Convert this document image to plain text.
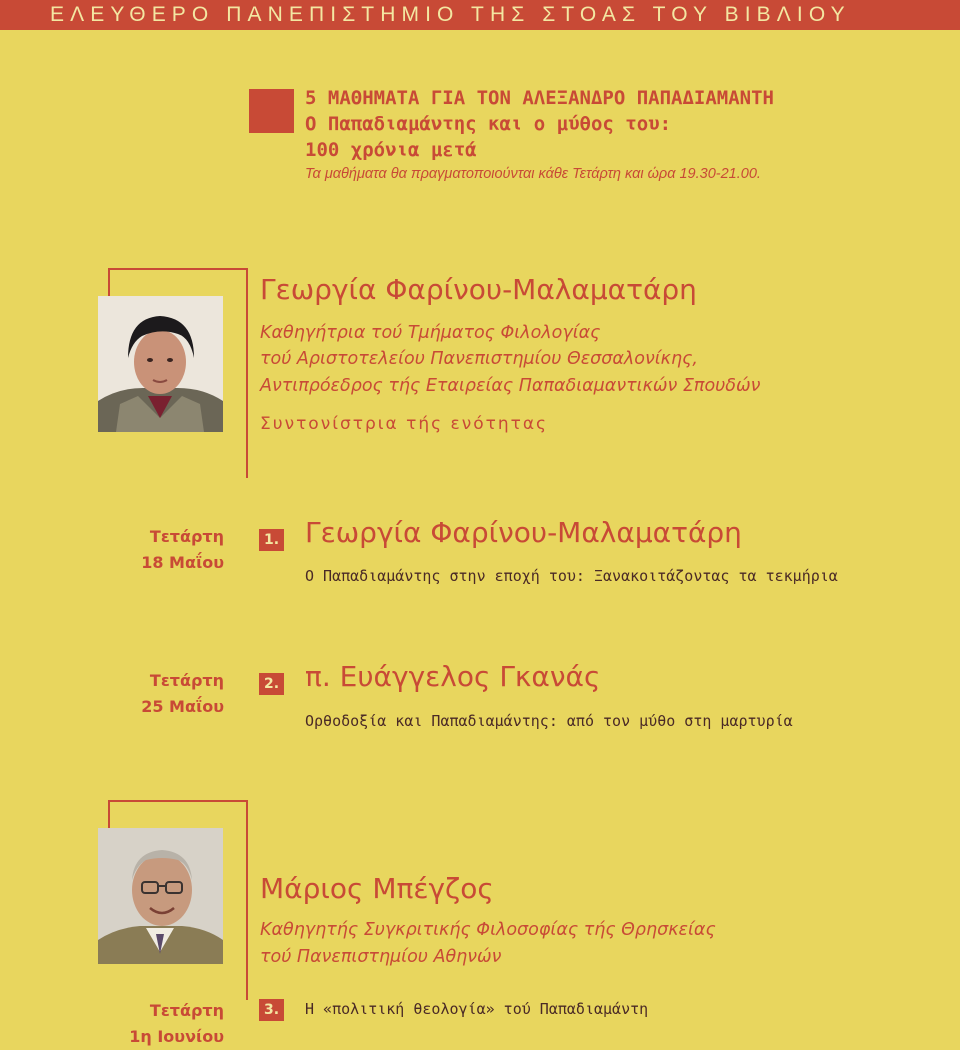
ΕΛΕΥΘΕΡΟ ΠΑΝΕΠΙΣΤΗΜΙΟ ΤΗΣ ΣΤΟΑΣ ΤΟΥ ΒΙΒΛΙΟΥ
5 ΜΑΘΗΜΑΤΑ ΓΙΑ ΤΟΝ ΑΛΕΞΑΝΔΡΟ ΠΑΠΑΔΙΑΜΑΝΤΗ
Ο Παπαδιαμάντης και ο μύθος του:
100 χρόνια μετά
Τα μαθήματα θα πραγματοποιούνται κάθε Τετάρτη και ώρα 19.30-21.00.
Γεωργία Φαρίνου-Μαλαματάρη
Καθηγήτρια τού Τμήματος Φιλολογίας
τού Αριστοτελείου Πανεπιστημίου Θεσσαλονίκης,
Αντιπρόεδρος τής Εταιρείας Παπαδιαμαντικών Σπουδών
Συντονίστρια τής ενότητας
Τετάρτη
18 Μαΐου
1. Γεωργία Φαρίνου-Μαλαματάρη
Ο Παπαδιαμάντης στην εποχή του: Ξανακοιτάζοντας τα τεκμήρια
Τετάρτη
25 Μαΐου
2. π. Ευάγγελος Γκανάς
Ορθοδοξία και Παπαδιαμάντης: από τον μύθο στη μαρτυρία
Μάριος Μπέγζος
Καθηγητής Συγκριτικής Φιλοσοφίας τής Θρησκείας
τού Πανεπιστημίου Αθηνών
Τετάρτη
1η Ιουνίου
3.	Η «πολιτική θεολογία» τού Παπαδιαμάντη
